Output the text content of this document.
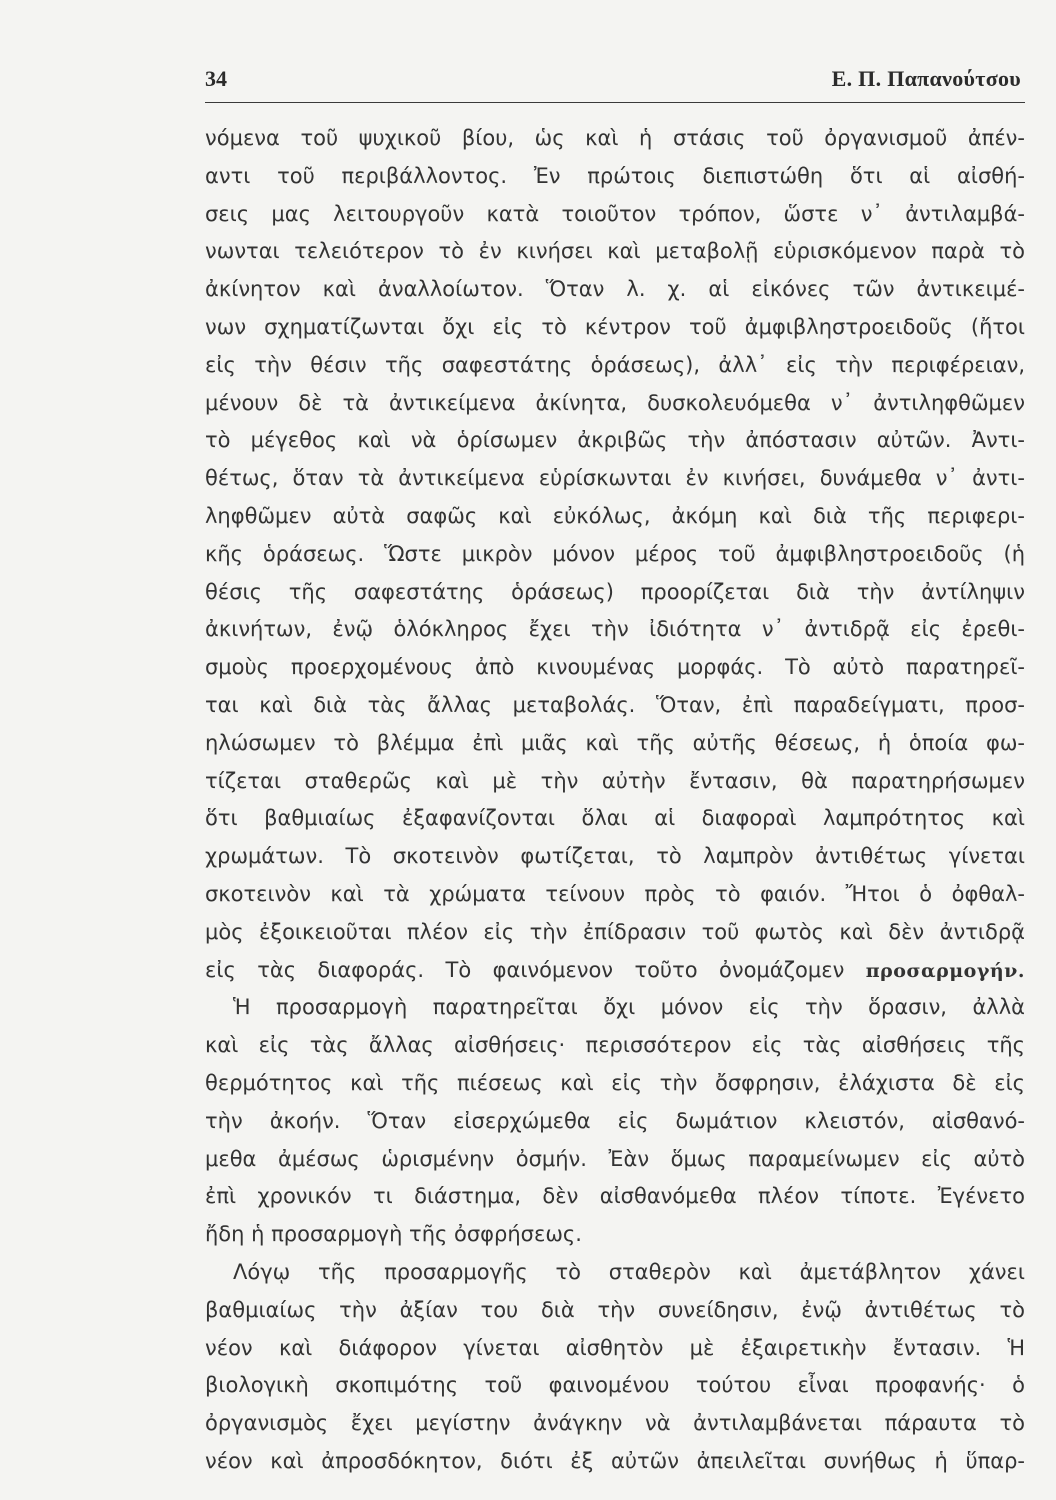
34	Ε. Π. Παπανούτσου
νόμενα τοῦ ψυχικοῦ βίου, ὡς καὶ ἡ στάσις τοῦ ὀργανισμοῦ ἀπέν-
αντι τοῦ περιβάλλοντος. Ἐν πρώτοις διεπιστώθη ὅτι αἱ αἰσθή-
σεις μας λειτουργοῦν κατὰ τοιοῦτον τρόπον, ὥστε ν᾿ ἀντιλαμβά-
νωνται τελειότερον τὸ ἐν κινήσει καὶ μεταβολῇ εὑρισκόμενον παρὰ τὸ
ἀκίνητον καὶ ἀναλλοίωτον. Ὅταν λ. χ. αἱ εἰκόνες τῶν ἀντικειμέ-
νων σχηματίζωνται ὄχι εἰς τὸ κέντρον τοῦ ἀμφιβληστροειδοῦς (ἤτοι
εἰς τὴν θέσιν τῆς σαφεστάτης ὁράσεως), ἀλλ᾿ εἰς τὴν περιφέρειαν,
μένουν δὲ τὰ ἀντικείμενα ἀκίνητα, δυσκολευόμεθα ν᾿ ἀντιληφθῶμεν
τὸ μέγεθος καὶ νὰ ὁρίσωμεν ἀκριβῶς τὴν ἀπόστασιν αὐτῶν. Ἀντι-
θέτως, ὅταν τὰ ἀντικείμενα εὑρίσκωνται ἐν κινήσει, δυνάμεθα ν᾿ ἀντι-
ληφθῶμεν αὐτὰ σαφῶς καὶ εὐκόλως, ἀκόμη καὶ διὰ τῆς περιφερι-
κῆς ὁράσεως. Ὥστε μικρὸν μόνον μέρος τοῦ ἀμφιβληστροειδοῦς (ἡ
θέσις τῆς σαφεστάτης ὁράσεως) προορίζεται διὰ τὴν ἀντίληψιν
ἀκινήτων, ἐνῷ ὁλόκληρος ἔχει τὴν ἰδιότητα ν᾿ ἀντιδρᾷ εἰς ἐρεθι-
σμοὺς προερχομένους ἀπὸ κινουμένας μορφάς. Τὸ αὐτὸ παρατηρεῖ-
ται καὶ διὰ τὰς ἄλλας μεταβολάς. Ὅταν, ἐπὶ παραδείγματι, προσ-
ηλώσωμεν τὸ βλέμμα ἐπὶ μιᾶς καὶ τῆς αὐτῆς θέσεως, ἡ ὁποία φω-
τίζεται σταθερῶς καὶ μὲ τὴν αὐτὴν ἔντασιν, θὰ παρατηρήσωμεν
ὅτι βαθμιαίως ἐξαφανίζονται ὅλαι αἱ διαφοραὶ λαμπρότητος καὶ
χρωμάτων. Τὸ σκοτεινὸν φωτίζεται, τὸ λαμπρὸν ἀντιθέτως γίνεται
σκοτεινὸν καὶ τὰ χρώματα τείνουν πρὸς τὸ φαιόν. Ἤτοι ὁ ὀφθαλ-
μὸς ἐξοικειοῦται πλέον εἰς τὴν ἐπίδρασιν τοῦ φωτὸς καὶ δὲν ἀντιδρᾷ
εἰς τὰς διαφοράς. Τὸ φαινόμενον τοῦτο ὀνομάζομεν προσαρμογήν.
Ἡ προσαρμογὴ παρατηρεῖται ὄχι μόνον εἰς τὴν ὅρασιν, ἀλλὰ
καὶ εἰς τὰς ἄλλας αἰσθήσεις· περισσότερον εἰς τὰς αἰσθήσεις τῆς
θερμότητος καὶ τῆς πιέσεως καὶ εἰς τὴν ὄσφρησιν, ἐλάχιστα δὲ εἰς
τὴν ἀκοήν. Ὅταν εἰσερχώμεθα εἰς δωμάτιον κλειστόν, αἰσθανό-
μεθα ἀμέσως ὡρισμένην ὀσμήν. Ἐὰν ὅμως παραμείνωμεν εἰς αὐτὸ
ἐπὶ χρονικόν τι διάστημα, δὲν αἰσθανόμεθα πλέον τίποτε. Ἐγένετο
ἤδη ἡ προσαρμογὴ τῆς ὀσφρήσεως.
Λόγῳ τῆς προσαρμογῆς τὸ σταθερὸν καὶ ἀμετάβλητον χάνει
βαθμιαίως τὴν ἀξίαν του διὰ τὴν συνείδησιν, ἐνῷ ἀντιθέτως τὸ
νέον καὶ διάφορον γίνεται αἰσθητὸν μὲ ἐξαιρετικὴν ἔντασιν. Ἡ
βιολογικὴ σκοπιμότης τοῦ φαινομένου τούτου εἶναι προφανής· ὁ
ὀργανισμὸς ἔχει μεγίστην ἀνάγκην νὰ ἀντιλαμβάνεται πάραυτα τὸ
νέον καὶ ἀπροσδόκητον, διότι ἐξ αὐτῶν ἀπειλεῖται συνήθως ἡ ὕπαρ-
